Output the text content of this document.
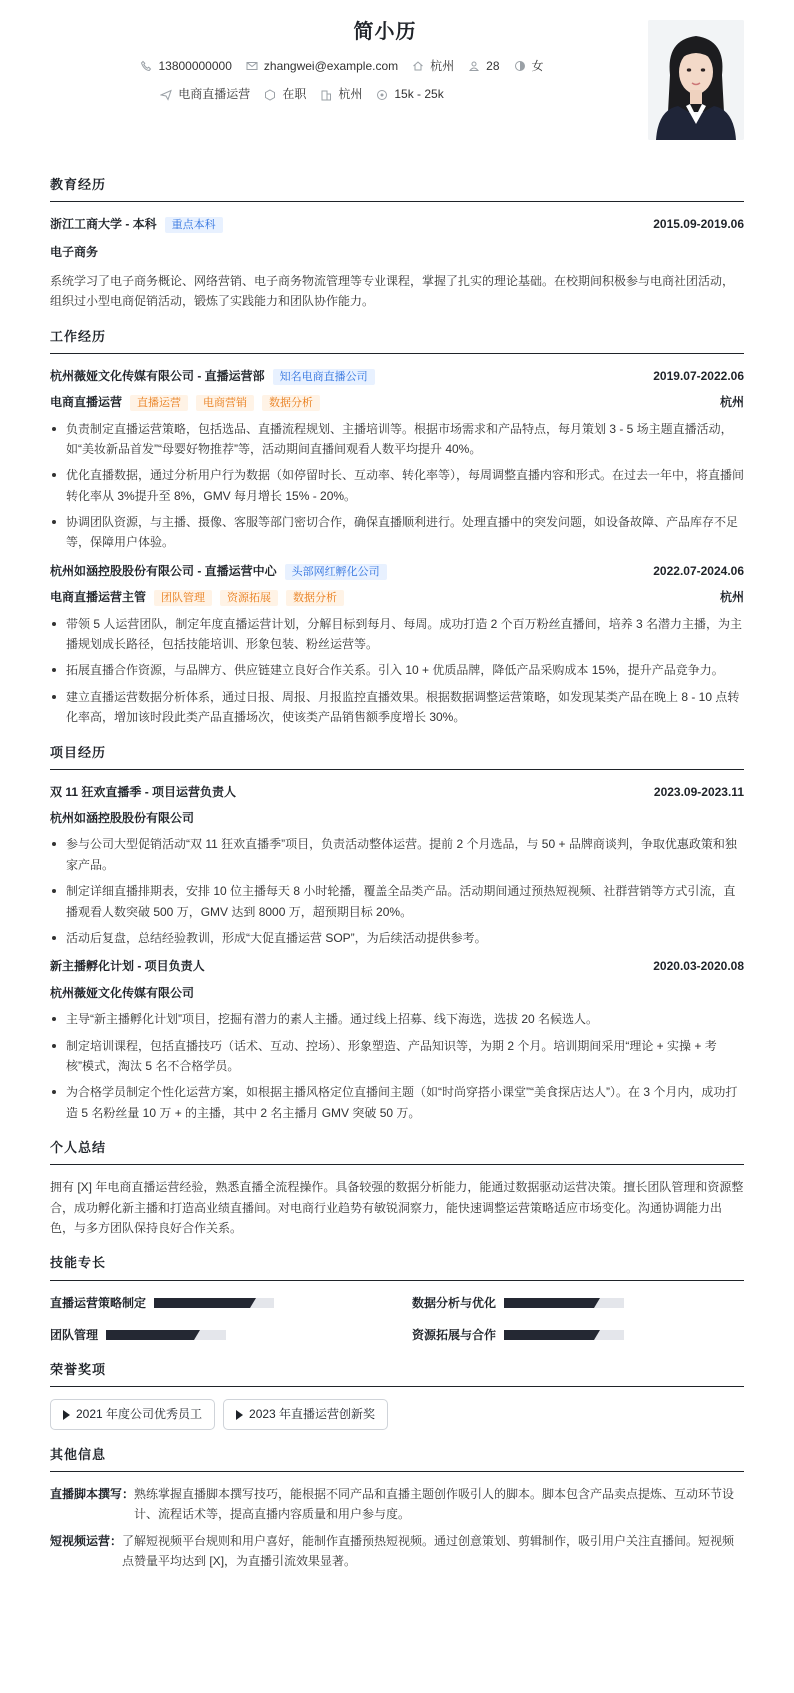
简小历
13800000000	zhangwei@example.com	杭州	28	女
电商直播运营	在职	杭州	15k - 25k
教育经历
浙江工商大学 - 本科 重点本科	2015.09-2019.06
电子商务
系统学习了电子商务概论、网络营销、电子商务物流管理等专业课程，掌握了扎实的理论基础。在校期间积极参与电商社团活动，组织过小型电商促销活动，锻炼了实践能力和团队协作能力。
工作经历
杭州薇娅文化传媒有限公司 - 直播运营部 知名电商直播公司	2019.07-2022.06
电商直播运营 直播运营 电商营销 数据分析	杭州
负责制定直播运营策略，包括选品、直播流程规划、主播培训等。根据市场需求和产品特点，每月策划 3 - 5 场主题直播活动，如“美妆新品首发”“母婴好物推荐”等，活动期间直播间观看人数平均提升 40%。
优化直播数据，通过分析用户行为数据（如停留时长、互动率、转化率等），每周调整直播内容和形式。在过去一年中，将直播间转化率从 3%提升至 8%，GMV 每月增长 15% - 20%。
协调团队资源，与主播、摄像、客服等部门密切合作，确保直播顺利进行。处理直播中的突发问题，如设备故障、产品库存不足等，保障用户体验。
杭州如涵控股股份有限公司 - 直播运营中心 头部网红孵化公司	2022.07-2024.06
电商直播运营主管 团队管理 资源拓展 数据分析	杭州
带领 5 人运营团队，制定年度直播运营计划，分解目标到每月、每周。成功打造 2 个百万粉丝直播间，培养 3 名潜力主播，为主播规划成长路径，包括技能培训、形象包装、粉丝运营等。
拓展直播合作资源，与品牌方、供应链建立良好合作关系。引入 10 + 优质品牌，降低产品采购成本 15%，提升产品竞争力。
建立直播运营数据分析体系，通过日报、周报、月报监控直播效果。根据数据调整运营策略，如发现某类产品在晚上 8 - 10 点转化率高，增加该时段此类产品直播场次，使该类产品销售额季度增长 30%。
项目经历
双 11 狂欢直播季 - 项目运营负责人	2023.09-2023.11
杭州如涵控股股份有限公司
参与公司大型促销活动“双 11 狂欢直播季”项目，负责活动整体运营。提前 2 个月选品，与 50 + 品牌商谈判，争取优惠政策和独家产品。
制定详细直播排期表，安排 10 位主播每天 8 小时轮播，覆盖全品类产品。活动期间通过预热短视频、社群营销等方式引流，直播观看人数突破 500 万，GMV 达到 8000 万，超预期目标 20%。
活动后复盘，总结经验教训，形成“大促直播运营 SOP”，为后续活动提供参考。
新主播孵化计划 - 项目负责人	2020.03-2020.08
杭州薇娅文化传媒有限公司
主导“新主播孵化计划”项目，挖掘有潜力的素人主播。通过线上招募、线下海选，选拔 20 名候选人。
制定培训课程，包括直播技巧（话术、互动、控场）、形象塑造、产品知识等，为期 2 个月。培训期间采用“理论 + 实操 + 考核”模式，淘汰 5 名不合格学员。
为合格学员制定个性化运营方案，如根据主播风格定位直播间主题（如“时尚穿搭小课堂”“美食探店达人”）。在 3 个月内，成功打造 5 名粉丝量 10 万 + 的主播，其中 2 名主播月 GMV 突破 50 万。
个人总结
拥有 [X] 年电商直播运营经验，熟悉直播全流程操作。具备较强的数据分析能力，能通过数据驱动运营决策。擅长团队管理和资源整合，成功孵化新主播和打造高业绩直播间。对电商行业趋势有敏锐洞察力，能快速调整运营策略适应市场变化。沟通协调能力出色，与多方团队保持良好合作关系。
技能专长
直播运营策略制定	数据分析与优化
团队管理	资源拓展与合作
荣誉奖项
2021 年度公司优秀员工	2023 年直播运营创新奖
其他信息
直播脚本撰写： 熟练掌握直播脚本撰写技巧，能根据不同产品和直播主题创作吸引人的脚本。脚本包含产品卖点提炼、互动环节设计、流程话术等，提高直播内容质量和用户参与度。
短视频运营： 了解短视频平台规则和用户喜好，能制作直播预热短视频。通过创意策划、剪辑制作，吸引用户关注直播间。短视频点赞量平均达到 [X]，为直播引流效果显著。
